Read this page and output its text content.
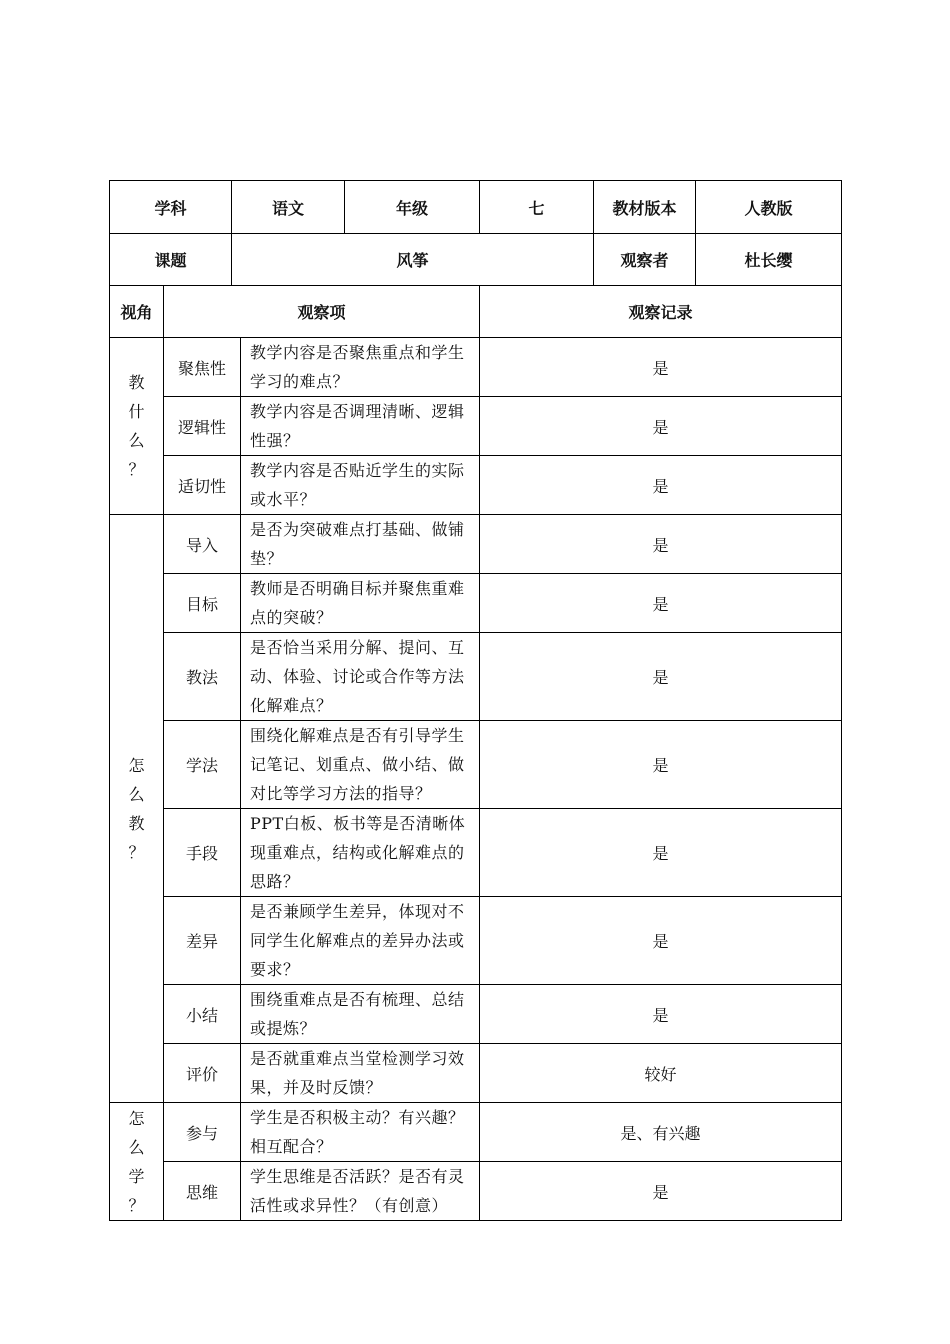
学科		语文		年级	七	教材版本	人教版
课题		风筝				观察者	杜长缨
视角	观察项				观察记录		

教
什
么
？	聚焦性		教学内容是否聚焦重点和学生学习的难点？		是		
	逻辑性		教学内容是否调理清晰、逻辑性强？		是		
	适切性		教学内容是否贴近学生的实际或水平？		是		

怎
么
教
？	导入		是否为突破难点打基础、做铺垫？		是		
	目标		教师是否明确目标并聚焦重难点的突破？		是		
	教法		是否恰当采用分解、提问、互动、体验、讨论或合作等方法化解难点？		是		
	学法		围绕化解难点是否有引导学生记笔记、划重点、做小结、做对比等学习方法的指导？		是		
	手段		PPT白板、板书等是否清晰体现重难点，结构或化解难点的思路？		是		
	差异		是否兼顾学生差异，体现对不同学生化解难点的差异办法或要求？		是		
	小结		围绕重难点是否有梳理、总结或提炼？		是		
	评价		是否就重难点当堂检测学习效果，并及时反馈？		较好		

怎
么
学
？	参与		学生是否积极主动？有兴趣？相互配合？		是、有兴趣		
	思维		学生思维是否活跃？是否有灵活性或求异性？（有创意）		是		
